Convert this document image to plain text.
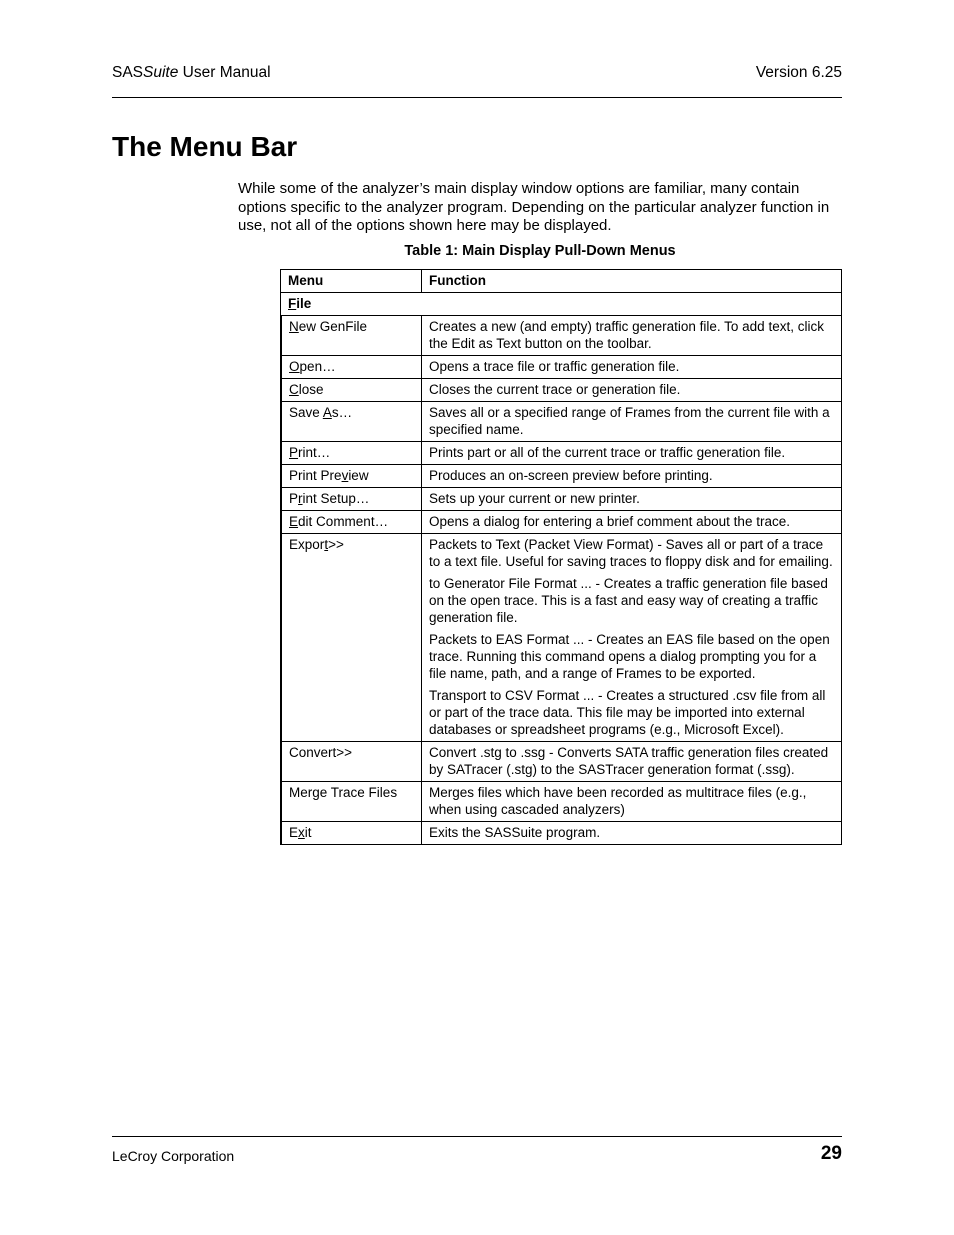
SASSuite User Manual	Version 6.25
The Menu Bar

While some of the analyzer’s main display window options are familiar, many contain options specific to the analyzer program. Depending on the particular analyzer function in use, not all of the options shown here may be displayed.

Table 1: Main Display Pull-Down Menus
Menu	Function
File	
	New GenFile	Creates a new (and empty) traffic generation file. To add text, click the Edit as Text button on the toolbar.

	Open…	Opens a trace file or traffic generation file.

	Close	Closes the current trace or generation file.

	Save As…	Saves all or a specified range of Frames from the current file with a specified name.

	Print…	Prints part or all of the current trace or traffic generation file.

	Print Preview	Produces an on-screen preview before printing.

	Print Setup…	Sets up your current or new printer.

	Edit Comment…	Opens a dialog for entering a brief comment about the trace.

	Export>>	Packets to Text (Packet View Format) - Saves all or part of a trace to a text file. Useful for saving traces to floppy disk and for emailing.

to Generator File Format ... - Creates a traffic generation file based on the open trace. This is a fast and easy way of creating a traffic generation file.

Packets to EAS Format ... - Creates an EAS file based on the open trace. Running this command opens a dialog prompting you for a file name, path, and a range of Frames to be exported.

Transport to CSV Format ... - Creates a structured .csv file from all or part of the trace data. This file may be imported into external databases or spreadsheet programs (e.g., Microsoft Excel).

	Convert>>	Convert .stg to .ssg - Converts SATA traffic generation files created by SATracer (.stg) to the SASTracer generation format (.ssg).

	Merge Trace Files	Merges files which have been recorded as multitrace files (e.g., when using cascaded analyzers)

	Exit	Exits the SASSuite program.

LeCroy Corporation	29
